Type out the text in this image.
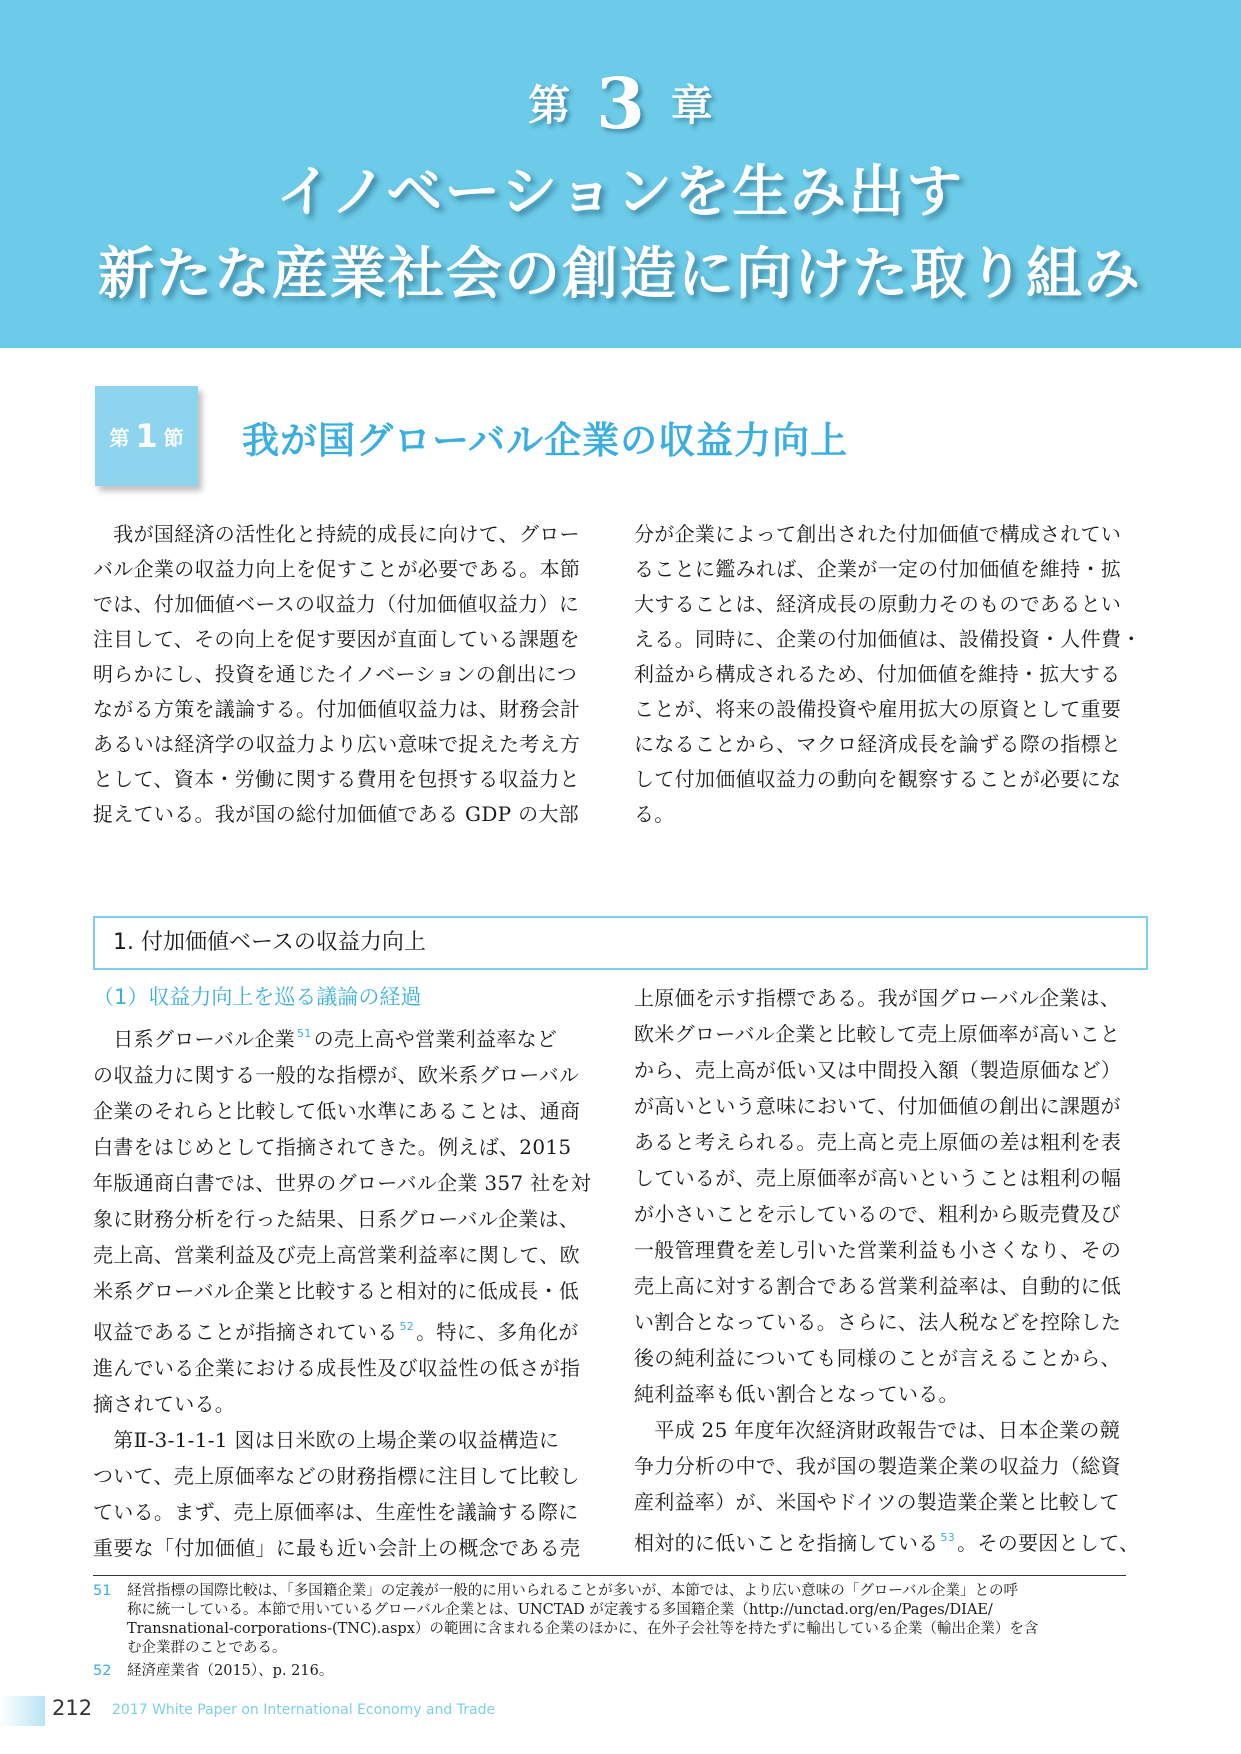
第 3 章
イノベーションを生み出す
新たな産業社会の創造に向けた取り組み
第 1 節 我が国グローバル企業の収益力向上

　我が国経済の活性化と持続的成長に向けて、グロー

バル企業の収益力向上を促すことが必要である。本節

では、付加価値ベースの収益力（付加価値収益力）に

注目して、その向上を促す要因が直面している課題を

明らかにし、投資を通じたイノベーションの創出につ

ながる方策を議論する。付加価値収益力は、財務会計

あるいは経済学の収益力より広い意味で捉えた考え方

として、資本・労働に関する費用を包摂する収益力と

捉えている。我が国の総付加価値である GDP の大部

分が企業によって創出された付加価値で構成されてい

ることに鑑みれば、企業が一定の付加価値を維持・拡

大することは、経済成長の原動力そのものであるとい

える。同時に、企業の付加価値は、設備投資・人件費・

利益から構成されるため、付加価値を維持・拡大する

ことが、将来の設備投資や雇用拡大の原資として重要

になることから、マクロ経済成長を論ずる際の指標と

して付加価値収益力の動向を観察することが必要にな

る。

1. 付加価値ベースの収益力向上
（1）収益力向上を巡る議論の経過

　日系グローバル企業 $^{51}$ の売上高や営業利益率など

の収益力に関する一般的な指標が、欧米系グローバル

企業のそれらと比較して低い水準にあることは、通商

白書をはじめとして指摘されてきた。例えば、2015

年版通商白書では、世界のグローバル企業 357 社を対

象に財務分析を行った結果、日系グローバル企業は、

売上高、営業利益及び売上高営業利益率に関して、欧

米系グローバル企業と比較すると相対的に低成長・低

収益であることが指摘されている $^{52}$ 。特に、多角化が

進んでいる企業における成長性及び収益性の低さが指

摘されている。

　第Ⅱ-3-1-1-1 図は日米欧の上場企業の収益構造に

ついて、売上原価率などの財務指標に注目して比較し

ている。まず、売上原価率は、生産性を議論する際に

重要な「付加価値」に最も近い会計上の概念である売

上原価を示す指標である。我が国グローバル企業は、

欧米グローバル企業と比較して売上原価率が高いこと

から、売上高が低い又は中間投入額（製造原価など）

が高いという意味において、付加価値の創出に課題が

あると考えられる。売上高と売上原価の差は粗利を表

しているが、売上原価率が高いということは粗利の幅

が小さいことを示しているので、粗利から販売費及び

一般管理費を差し引いた営業利益も小さくなり、その

売上高に対する割合である営業利益率は、自動的に低

い割合となっている。さらに、法人税などを控除した

後の純利益についても同様のことが言えることから、

純利益率も低い割合となっている。

　平成 25 年度年次経済財政報告では、日本企業の競

争力分析の中で、我が国の製造業企業の収益力（総資

産利益率）が、米国やドイツの製造業企業と比較して

相対的に低いことを指摘している $^{53}$ 。その要因として、

51	経営指標の国際比較は、「多国籍企業」の定義が一般的に用いられることが多いが、本節では、より広い意味の「グローバル企業」との呼
称に統一している。本節で用いているグローバル企業とは、UNCTAD が定義する多国籍企業（http://unctad.org/en/Pages/DIAE/
Transnational-corporations-(TNC).aspx）の範囲に含まれる企業のほかに、在外子会社等を持たずに輸出している企業（輸出企業）を含
む企業群のことである。
52	経済産業省（2015）、p. 216。
212 2017 White Paper on International Economy and Trade
